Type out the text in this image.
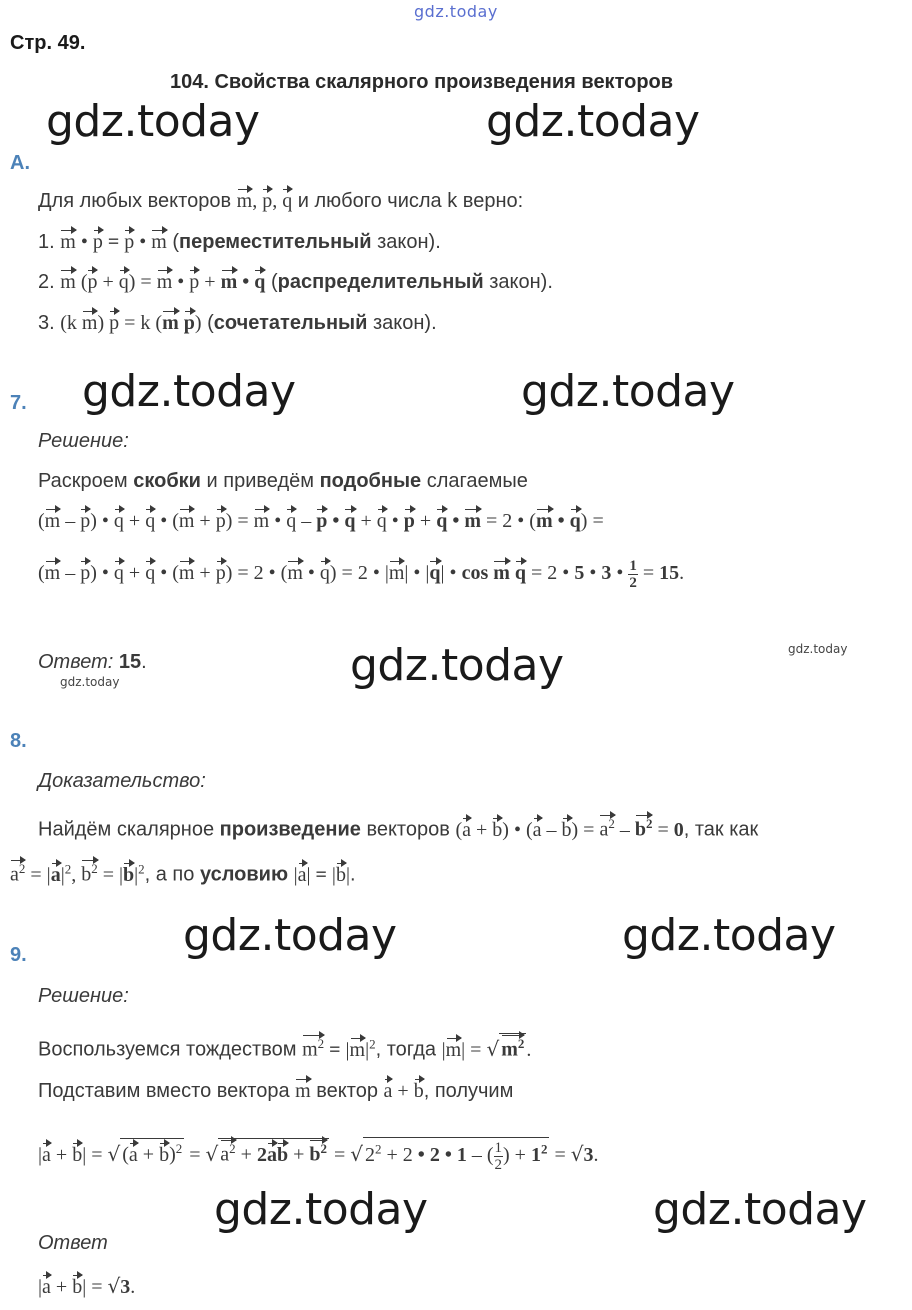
gdz.today
gdz.today	gdz.today
gdz.today	gdz.today
gdz.today	gdz.today
gdz.today
gdz.today	gdz.today
gdz.today	gdz.today
Стр. 49.
104. Свойства скалярного произведения векторов
А.
Для любых векторов m, p, q и любого числа k верно:
1. m • p = p • m (переместительный закон).
2. m (p + q) = m • p + m • q (распределительный закон).
3. (k m) p = k (m p) (сочетательный закон).
7.
Решение:
Раскроем скобки и приведём подобные слагаемые
(m – p) • q + q • (m + p) = m • q – p • q + q • p + q • m = 2 • (m • q) =
(m – p) • q + q • (m + p) = 2 • (m • q) = 2 • |m| • |q| • cos m q = 2 • 5 • 3 • $\frac{1}{2} = 15$.
Ответ: 15.
8.
Доказательство:
Найдём скалярное произведение векторов (a + b) • $(a - b) = a^2 - b^2 = 0$, так как
$a^2 = |a|^2$, $b^2 = |b|^2$, а по условию |a| = |b|.
9.
Решение:
Воспользуемся тождеством $m^2 = |m|^2$, тогда |m| = √ $m^2$ .
Подставим вместо вектора m вектор a + b, получим
|a + b| = √ $(a + b)^2$ = √ $a^2 + 2ab + b^2$ = √ $2^2 + 2$ • 2 • 1 – ( $\frac{1}{2}$ ) + $1^2 = √3$.
Ответ
|a + b| = √3.
